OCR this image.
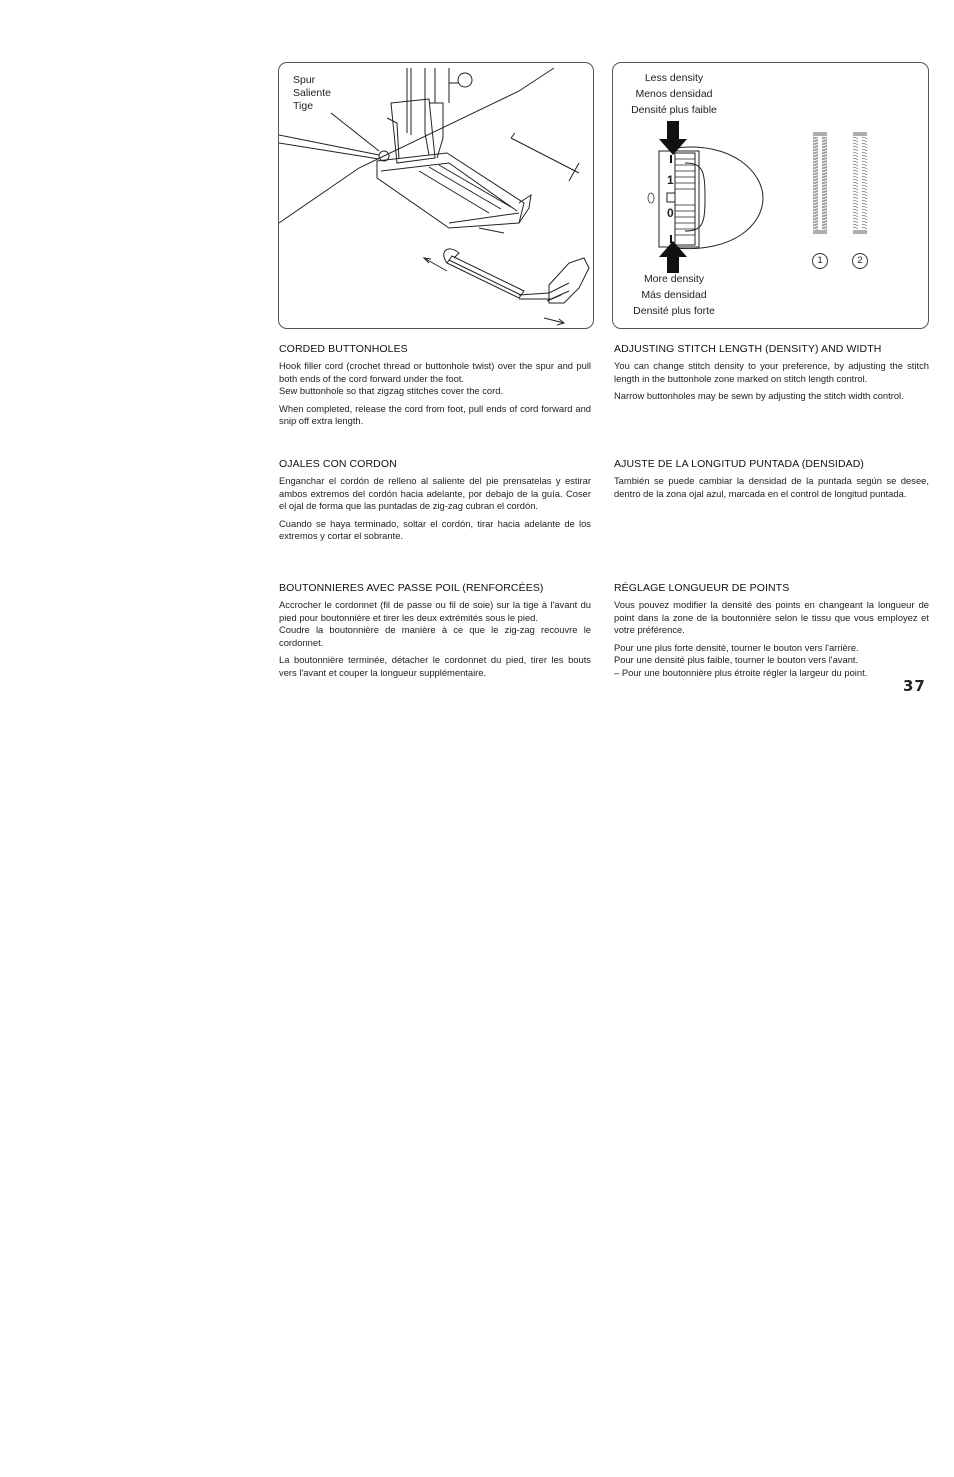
Spur
Saliente
Tige
Less density
Menos densidad
Densité plus faible
More density
Más densidad
Densité plus forte
1
0
1	2
CORDED BUTTONHOLES

Hook filler cord (crochet thread or buttonhole twist) over the spur and pull both ends of the cord forward under the foot.

Sew buttonhole so that zigzag stitches cover the cord.

When completed, release the cord from foot, pull ends of cord forward and snip off extra length.

OJALES CON CORDON

Enganchar el cordón de relleno al saliente del pie prensatelas y estirar ambos extremos del cordón hacia adelante, por debajo de la guía. Coser el ojal de forma que las puntadas de zig-zag cubran el cordón.

Cuando se haya terminado, soltar el cordón, tirar hacia adelante de los extremos y cortar el sobrante.

BOUTONNIERES AVEC PASSE POIL (RENFORCÉES)

Accrocher le cordonnet (fil de passe ou fil de soie) sur la tige à l'avant du pied pour boutonnière et tirer les deux extrémités sous le pied.

Coudre la boutonnière de manière à ce que le zig-zag recouvre le cordonnet.

La boutonnière terminée, détacher le cordonnet du pied, tirer les bouts vers l'avant et couper la longueur supplémentaire.

ADJUSTING STITCH LENGTH (DENSITY) AND WIDTH

You can change stitch density to your preference, by adjusting the stitch length in the buttonhole zone marked on stitch length control.

Narrow buttonholes may be sewn by adjusting the stitch width control.

AJUSTE DE LA LONGITUD PUNTADA (DENSIDAD)

También se puede cambiar la densidad de la puntada según se desee, dentro de la zona ojal azul, marcada en el control de longitud puntada.

RÉGLAGE LONGUEUR DE POINTS

Vous pouvez modifier la densité des points en changeant la longueur de point dans la zone de la boutonnière selon le tissu que vous employez et votre préférence.

Pour une plus forte densité, tourner le bouton vers l'arrière.

Pour une densité plus faible, tourner le bouton vers l'avant.

– Pour une boutonnière plus étroite régler la largeur du point.

37
